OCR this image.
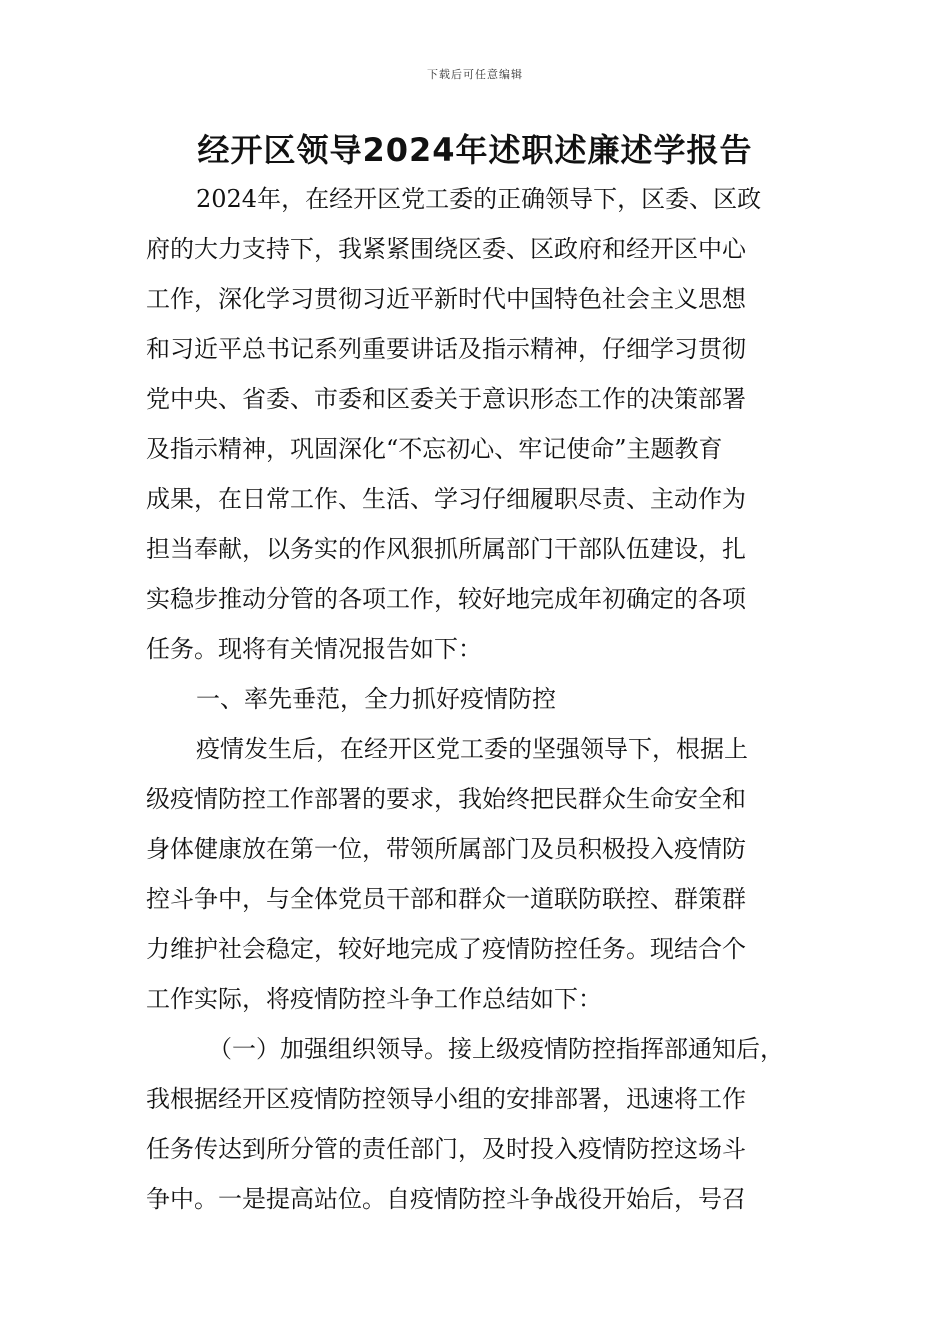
下载后可任意编辑
经开区领导2024年述职述廉述学报告
2024年，在经开区党工委的正确领导下，区委、区政
府的大力支持下，我紧紧围绕区委、区政府和经开区中心
工作，深化学习贯彻习近平新时代中国特色社会主义思想
和习近平总书记系列重要讲话及指示精神，仔细学习贯彻
党中央、省委、市委和区委关于意识形态工作的决策部署
及指示精神，巩固深化“不忘初心、牢记使命”主题教育
成果，在日常工作、生活、学习仔细履职尽责、主动作为
担当奉献，以务实的作风狠抓所属部门干部队伍建设，扎
实稳步推动分管的各项工作，较好地完成年初确定的各项
任务。现将有关情况报告如下：
一、率先垂范，全力抓好疫情防控
疫情发生后，在经开区党工委的坚强领导下，根据上
级疫情防控工作部署的要求，我始终把民群众生命安全和
身体健康放在第一位，带领所属部门及员积极投入疫情防
控斗争中，与全体党员干部和群众一道联防联控、群策群
力维护社会稳定，较好地完成了疫情防控任务。现结合个
工作实际，将疫情防控斗争工作总结如下：
（一）加强组织领导。接上级疫情防控指挥部通知后，
我根据经开区疫情防控领导小组的安排部署，迅速将工作
任务传达到所分管的责任部门，及时投入疫情防控这场斗
争中。一是提高站位。自疫情防控斗争战役开始后，号召
